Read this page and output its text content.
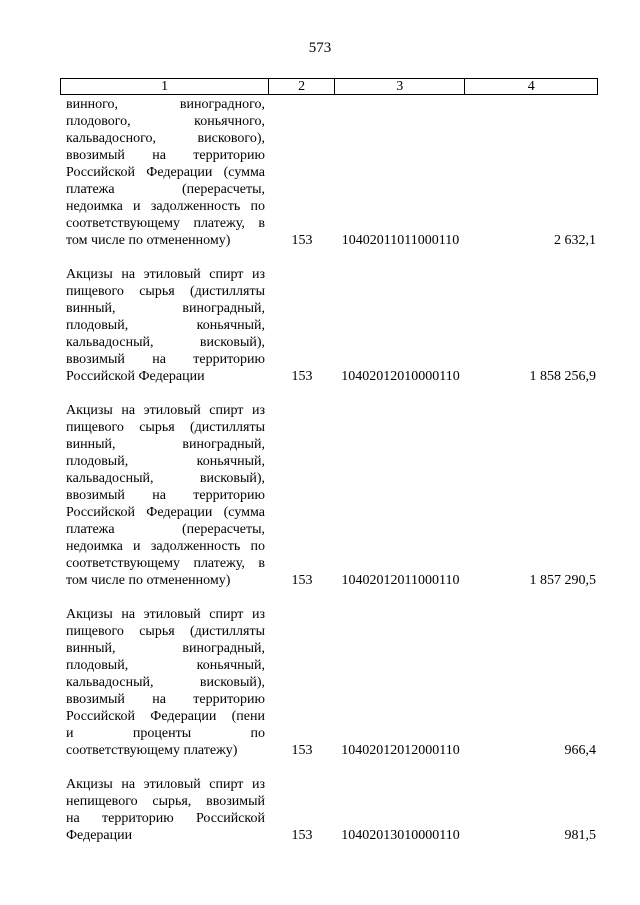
573
1	2	3	4
винного, виноградного,
плодового, коньячного,
кальвадосного, вискового),
ввозимый на территорию
Российской Федерации (сумма
платежа (перерасчеты,
недоимка и задолженность по
соответствующему платежу, в
том числе по отмененному)	153	10402011011000110	2 632,1
Акцизы на этиловый спирт из
пищевого сырья (дистилляты
винный, виноградный,
плодовый, коньячный,
кальвадосный, висковый),
ввозимый на территорию
Российской Федерации	153	10402012010000110	1 858 256,9
Акцизы на этиловый спирт из
пищевого сырья (дистилляты
винный, виноградный,
плодовый, коньячный,
кальвадосный, висковый),
ввозимый на территорию
Российской Федерации (сумма
платежа (перерасчеты,
недоимка и задолженность по
соответствующему платежу, в
том числе по отмененному)	153	10402012011000110	1 857 290,5
Акцизы на этиловый спирт из
пищевого сырья (дистилляты
винный, виноградный,
плодовый, коньячный,
кальвадосный, висковый),
ввозимый на территорию
Российской Федерации (пени
и проценты по
соответствующему платежу)	153	10402012012000110	966,4
Акцизы на этиловый спирт из
непищевого сырья, ввозимый
на территорию Российской
Федерации	153	10402013010000110	981,5
